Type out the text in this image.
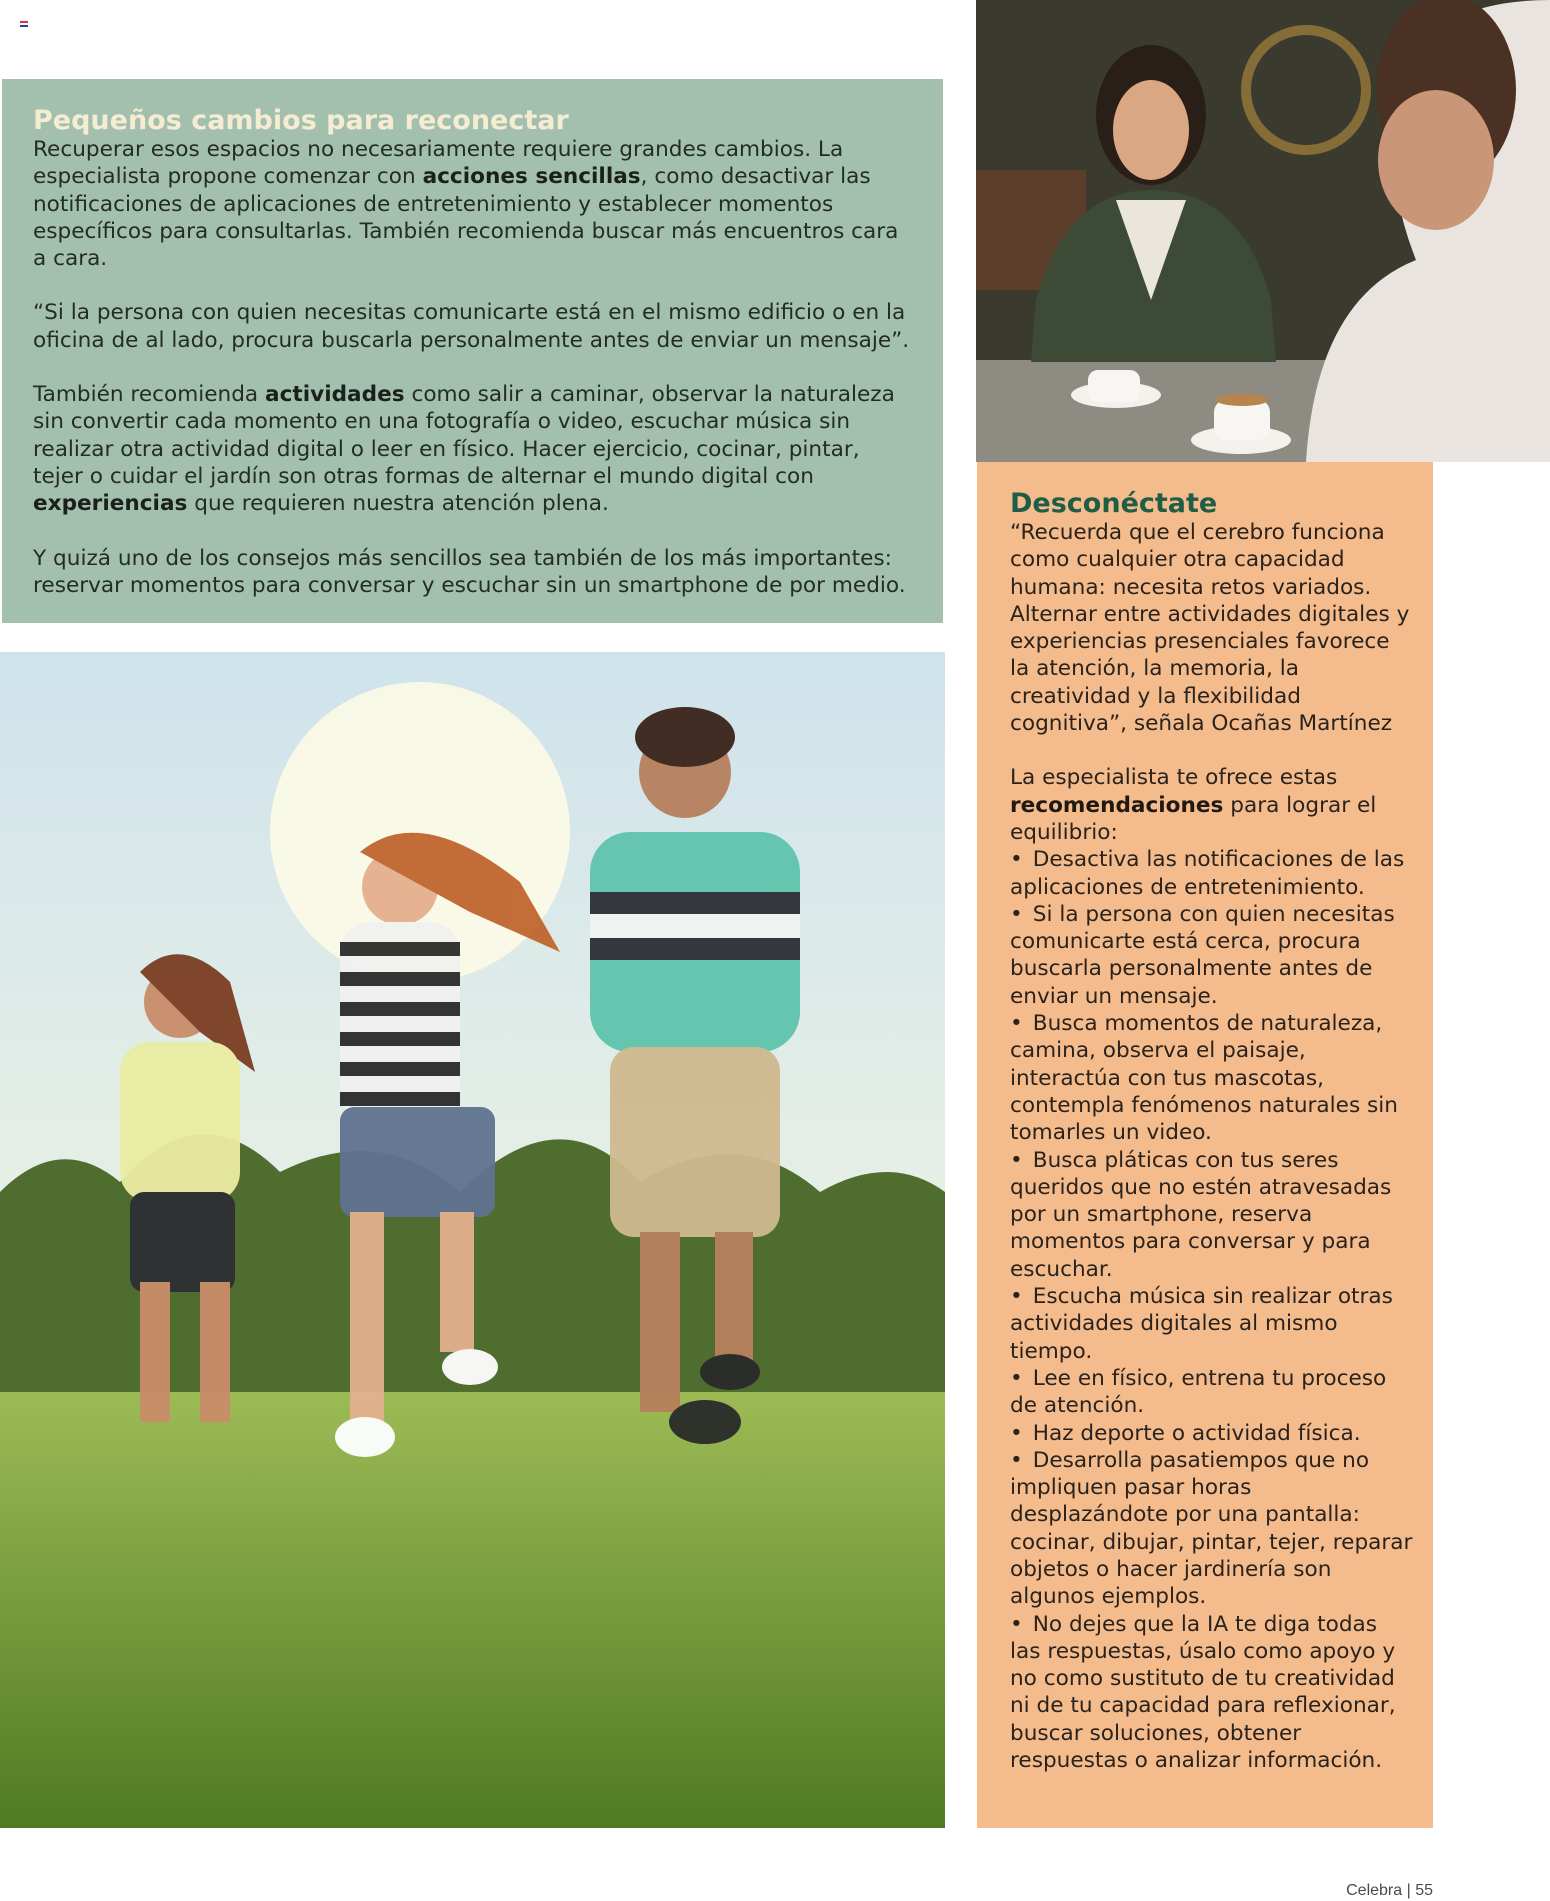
Pequeños cambios para reconectar

Recuperar esos espacios no necesariamente requiere grandes cambios. La especialista propone comenzar con acciones sencillas, como desactivar las notificaciones de aplicaciones de entretenimiento y establecer momentos específicos para consultarlas. También recomienda buscar más encuentros cara a cara.

“Si la persona con quien necesitas comunicarte está en el mismo edificio o en la oficina de al lado, procura buscarla personalmente antes de enviar un mensaje”.

También recomienda actividades como salir a caminar, observar la naturaleza sin convertir cada momento en una fotografía o video, escuchar música sin realizar otra actividad digital o leer en físico. Hacer ejercicio, cocinar, pintar, tejer o cuidar el jardín son otras formas de alternar el mundo digital con experiencias que requieren nuestra atención plena.

Y quizá uno de los consejos más sencillos sea también de los más importantes: reservar momentos para conversar y escuchar sin un smartphone de por medio.

Desconéctate

“Recuerda que el cerebro funciona como cualquier otra capacidad humana: necesita retos variados. Alternar entre actividades digitales y experiencias presenciales favorece la atención, la memoria, la creatividad y la flexibilidad cognitiva”, señala Ocañas Martínez

La especialista te ofrece estas recomendaciones para lograr el equilibrio:

• Desactiva las notificaciones de las aplicaciones de entretenimiento.
• Si la persona con quien necesitas comunicarte está cerca, procura buscarla personalmente antes de enviar un mensaje.
• Busca momentos de naturaleza, camina, observa el paisaje, interactúa con tus mascotas, contempla fenómenos naturales sin tomarles un video.
• Busca pláticas con tus seres queridos que no estén atravesadas por un smartphone, reserva momentos para conversar y para escuchar.
• Escucha música sin realizar otras actividades digitales al mismo tiempo.
• Lee en físico, entrena tu proceso de atención.
• Haz deporte o actividad física.
• Desarrolla pasatiempos que no impliquen pasar horas desplazándote por una pantalla: cocinar, dibujar, pintar, tejer, reparar objetos o hacer jardinería son algunos ejemplos.
• No dejes que la IA te diga todas las respuestas, úsalo como apoyo y no como sustituto de tu creatividad ni de tu capacidad para reflexionar, buscar soluciones, obtener respuestas o analizar información.
Celebra | 55
